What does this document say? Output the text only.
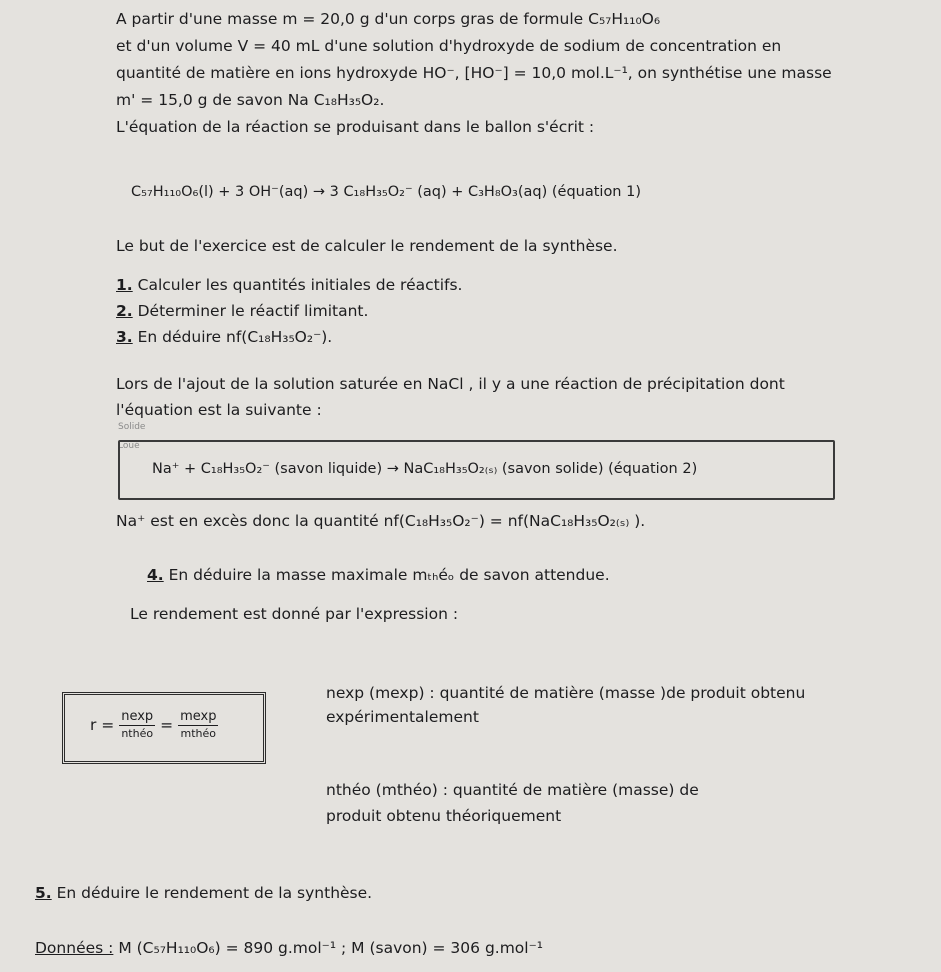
A partir d'une masse m = 20,0 g d'un corps gras de formule C₅₇H₁₁₀O₆
et d'un volume V = 40 mL d'une solution d'hydroxyde de sodium de concentration en
quantité de matière en ions hydroxyde HO⁻, [HO⁻] = 10,0 mol.L⁻¹, on synthétise une masse
m' = 15,0 g de savon Na C₁₈H₃₅O₂.
L'équation de la réaction se produisant dans le ballon s'écrit :
C₅₇H₁₁₀O₆(l) + 3 OH⁻(aq) → 3 C₁₈H₃₅O₂⁻ (aq) + C₃H₈O₃(aq) (équation 1)
Le but de l'exercice est de calculer le rendement de la synthèse.
1. Calculer les quantités initiales de réactifs.
2. Déterminer le réactif limitant.
3. En déduire nf(C₁₈H₃₅O₂⁻).
Lors de l'ajout de la solution saturée en NaCl , il y a une réaction de précipitation dont
l'équation est la suivante :
Solide
Loué
Na⁺ + C₁₈H₃₅O₂⁻ (savon liquide) → NaC₁₈H₃₅O₂₍ₛ₎ (savon solide) (équation 2)
Na⁺ est en excès donc la quantité nf(C₁₈H₃₅O₂⁻) = nf(NaC₁₈H₃₅O₂₍ₛ₎ ).
4. En déduire la masse maximale mₜₕéₒ de savon attendue.
Le rendement est donné par l'expression :
$r = \frac{nexp}{\text{nthéo}} = \frac{mexp}{\text{mthéo}}$
nexp (mexp) : quantité de matière (masse )de produit obtenu
expérimentalement
nthéo (mthéo) : quantité de matière (masse) de
produit obtenu théoriquement
5. En déduire le rendement de la synthèse.
Données : M (C₅₇H₁₁₀O₆) = 890 g.mol⁻¹ ; M (savon) = 306 g.mol⁻¹
